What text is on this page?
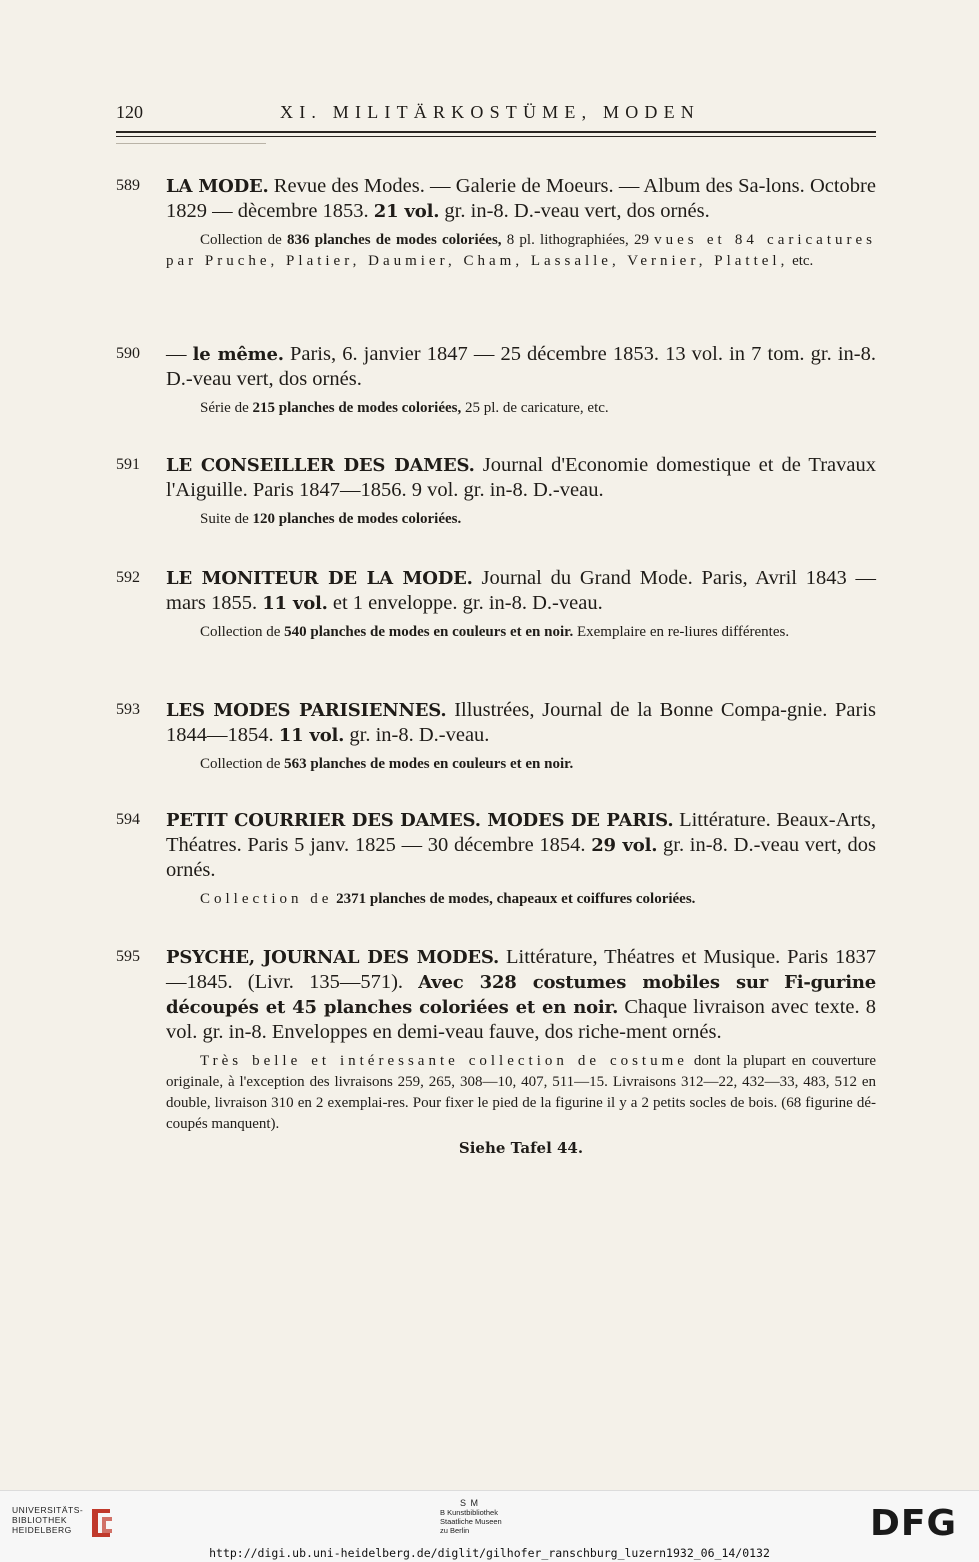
120	XI. MILITÄRKOSTÜME, MODEN
589 LA MODE. Revue des Modes. — Galerie de Moeurs. — Album des Sa-lons. Octobre 1829 — dècembre 1853. 21 vol. gr. in-8. D.-veau vert, dos ornés.
Collection de 836 planches de modes coloriées, 8 pl. lithographiées, 29 vues et 84 caricatures par Pruche, Platier, Daumier, Cham, Lassalle, Vernier, Plattel, etc.
590 — le même. Paris, 6. janvier 1847 — 25 décembre 1853. 13 vol. in 7 tom. gr. in-8. D.-veau vert, dos ornés.
Série de 215 planches de modes coloriées, 25 pl. de caricature, etc.
591 LE CONSEILLER DES DAMES. Journal d'Economie domestique et de Travaux l'Aiguille. Paris 1847—1856. 9 vol. gr. in-8. D.-veau.
Suite de 120 planches de modes coloriées.
592 LE MONITEUR DE LA MODE. Journal du Grand Mode. Paris, Avril 1843 — mars 1855. 11 vol. et 1 enveloppe. gr. in-8. D.-veau.
Collection de 540 planches de modes en couleurs et en noir. Exemplaire en re-liures différentes.
593 LES MODES PARISIENNES. Illustrées, Journal de la Bonne Compa-gnie. Paris 1844—1854. 11 vol. gr. in-8. D.-veau.
Collection de 563 planches de modes en couleurs et en noir.
594 PETIT COURRIER DES DAMES. MODES DE PARIS. Littérature. Beaux-Arts, Théatres. Paris 5 janv. 1825 — 30 décembre 1854. 29 vol. gr. in-8. D.-veau vert, dos ornés.
Collection de 2371 planches de modes, chapeaux et coiffures coloriées.
595 PSYCHE, JOURNAL DES MODES. Littérature, Théatres et Musique. Paris 1837—1845. (Livr. 135—571). Avec 328 costumes mobiles sur Fi-gurine découpés et 45 planches coloriées et en noir. Chaque livraison avec texte. 8 vol. gr. in-8. Enveloppes en demi-veau fauve, dos riche-ment ornés.
Très belle et intéressante collection de costume dont la plupart en couverture originale, à l'exception des livraisons 259, 265, 308—10, 407, 511—15. Livraisons 312—22, 432—33, 483, 512 en double, livraison 310 en 2 exemplai-res. Pour fixer le pied de la figurine il y a 2 petits socles de bois. (68 figurine dé-coupés manquent).
Siehe Tafel 44.
UNIVERSITÄTS-
BIBLIOTHEK
HEIDELBERG
S M
B Kunstbibliothek
Staatliche Museen
zu Berlin	DFG
http://digi.ub.uni-heidelberg.de/diglit/gilhofer_ranschburg_luzern1932_06_14/0132
